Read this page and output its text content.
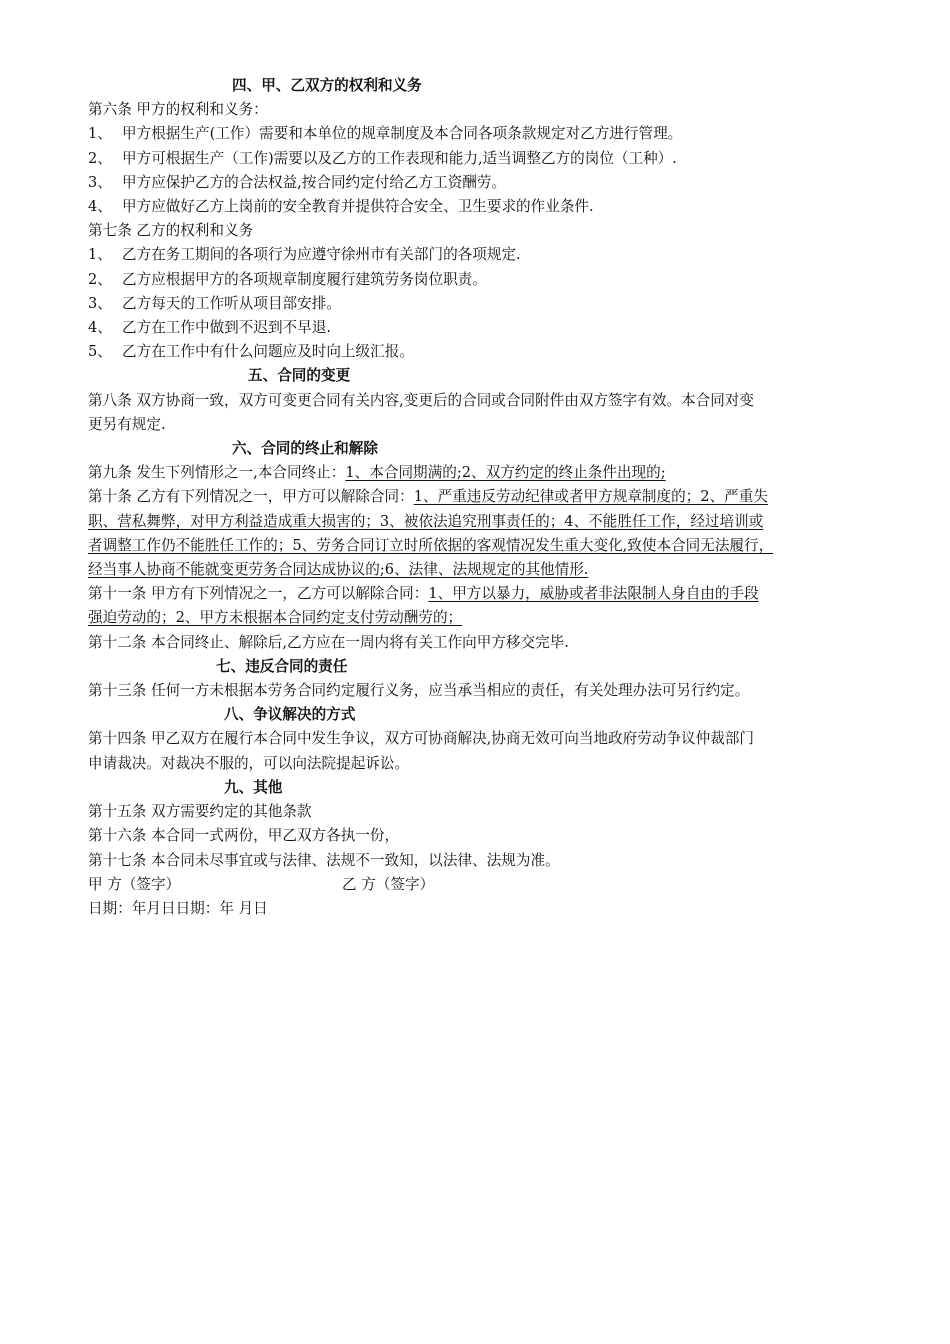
四、甲、乙双方的权利和义务
第六条 甲方的权利和义务：
1、 甲方根据生产(工作）需要和本单位的规章制度及本合同各项条款规定对乙方进行管理。
2、 甲方可根据生产（工作)需要以及乙方的工作表现和能力,适当调整乙方的岗位（工种）.
3、 甲方应保护乙方的合法权益,按合同约定付给乙方工资酬劳。
4、 甲方应做好乙方上岗前的安全教育并提供符合安全、卫生要求的作业条件.
第七条 乙方的权利和义务
1、 乙方在务工期间的各项行为应遵守徐州市有关部门的各项规定.
2、 乙方应根据甲方的各项规章制度履行建筑劳务岗位职责。
3、 乙方每天的工作听从项目部安排。
4、 乙方在工作中做到不迟到不早退.
5、 乙方在工作中有什么问题应及时向上级汇报。
五、合同的变更
第八条 双方协商一致，双方可变更合同有关内容,变更后的合同或合同附件由双方签字有效。本合同对变
更另有规定.
六、合同的终止和解除
第九条 发生下列情形之一,本合同终止：1、本合同期满的;2、双方约定的终止条件出现的;
第十条 乙方有下列情况之一，甲方可以解除合同：1、严重违反劳动纪律或者甲方规章制度的；2、严重失
职、营私舞弊，对甲方利益造成重大损害的；3、被依法追究刑事责任的；4、不能胜任工作，经过培训或
者调整工作仍不能胜任工作的；5、劳务合同订立时所依据的客观情况发生重大变化,致使本合同无法履行，
经当事人协商不能就变更劳务合同达成协议的;6、法律、法规规定的其他情形.
第十一条 甲方有下列情况之一，乙方可以解除合同：1、甲方以暴力，威胁或者非法限制人身自由的手段
强迫劳动的；2、甲方未根据本合同约定支付劳动酬劳的；
第十二条 本合同终止、解除后,乙方应在一周内将有关工作向甲方移交完毕.
七、违反合同的责任
第十三条 任何一方未根据本劳务合同约定履行义务，应当承当相应的责任，有关处理办法可另行约定。
八、争议解决的方式
第十四条 甲乙双方在履行本合同中发生争议，双方可协商解决,协商无效可向当地政府劳动争议仲裁部门
申请裁决。对裁决不服的，可以向法院提起诉讼。
九、其他
第十五条 双方需要约定的其他条款
第十六条 本合同一式两份，甲乙双方各执一份，
第十七条 本合同未尽事宜或与法律、法规不一致知，以法律、法规为准。
甲 方（签字）	乙 方（签字）
日期：年月日日期：年 月日
